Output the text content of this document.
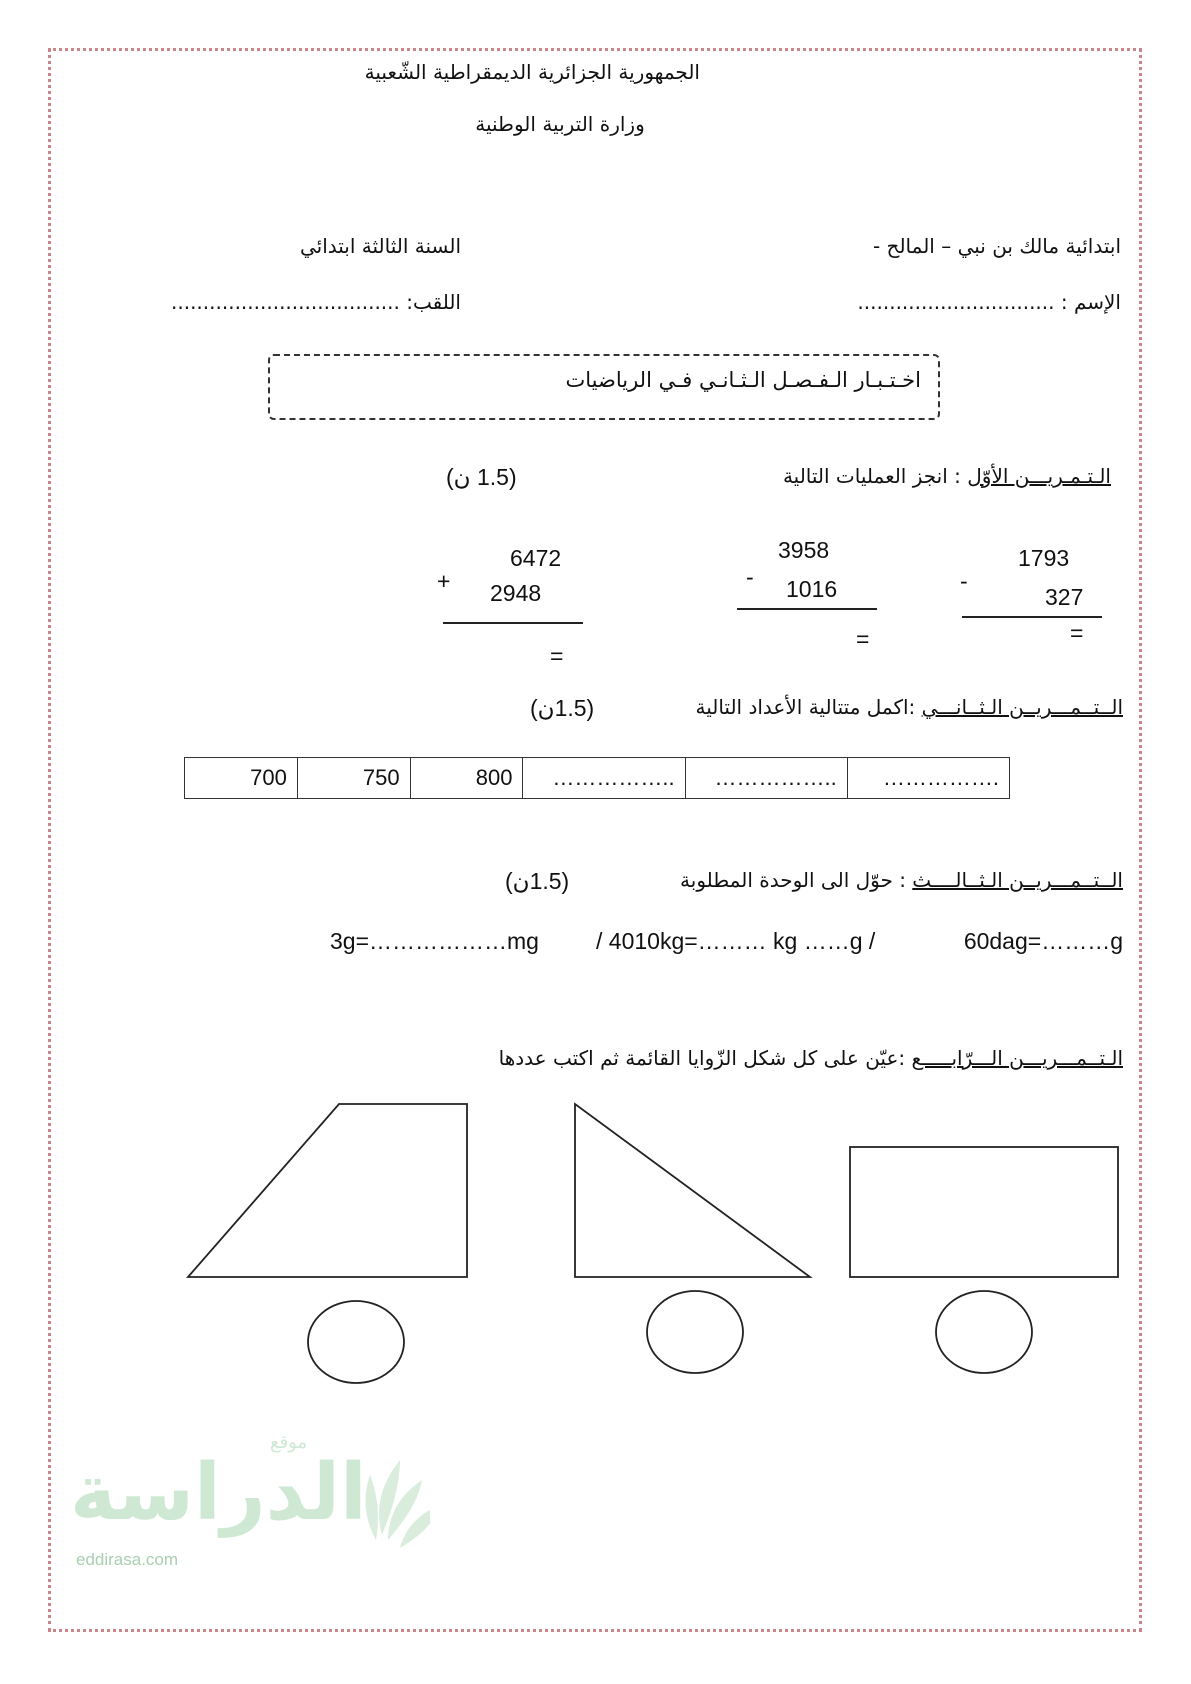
الجمهورية الجزائرية الديمقراطية الشّعبية
وزارة التربية الوطنية
ابتدائية مالك بن نبي – المالح -
السنة الثالثة ابتدائي
الإسم : ...............................
اللقب: ....................................
اخـتـبـار الـفـصـل الـثـانـي فـي الرياضيات
الـتـمـريـــن الأوّل : انجز العمليات التالية
(1.5 ن)
1793
-
327
=
3958
- 1016
=
6472
+ 2948
=
الــتــمـــريــن الـثــانـــي :اكمل متتالية الأعداد التالية
(1.5ن)
700	750	800	……………..	……………..	…………….
الــتــمـــريــن الـثــالــــث : حوّل الى الوحدة المطلوبة
(1.5ن)
60dag=………g
/ 4010kg=……… kg ……g /
3g=………………mg
الـتــمـــريـــن الـــرّابـــــع :عيّن على كل شكل الزّوايا القائمة ثم اكتب عددها
الدراسة
موقع
eddirasa.com
